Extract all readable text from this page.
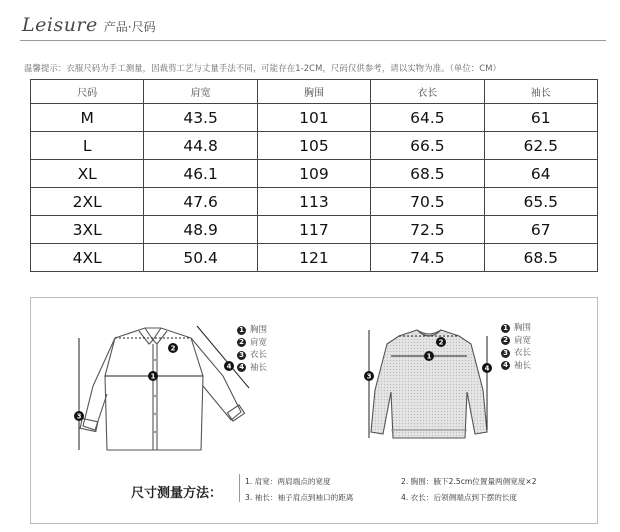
Leisure 产品·尺码
温馨提示：衣服尺码为手工测量，因裁剪工艺与丈量手法不同，可能存在1-2CM，尺码仅供参考，请以实物为准。（单位：CM）
尺码	肩宽	胸围	衣长	袖长
M	43.5	101	64.5	61
L	44.8	105	66.5	62.5
XL	46.1	109	68.5	64
2XL	47.6	113	70.5	65.5
3XL	48.9	117	72.5	67
4XL	50.4	121	74.5	68.5
1
2
3
4
1 胸围
2 肩宽
3 衣长
4 袖长
1
2
3
4
1 胸围
2 肩宽
3 衣长
4 袖长
尺寸测量方法：
1. 肩宽：两肩端点的宽度	2. 胸围：腋下2.5cm位置量两侧宽度×2
3. 袖长：袖子肩点到袖口的距离	4. 衣长：后领侧端点到下摆的长度
